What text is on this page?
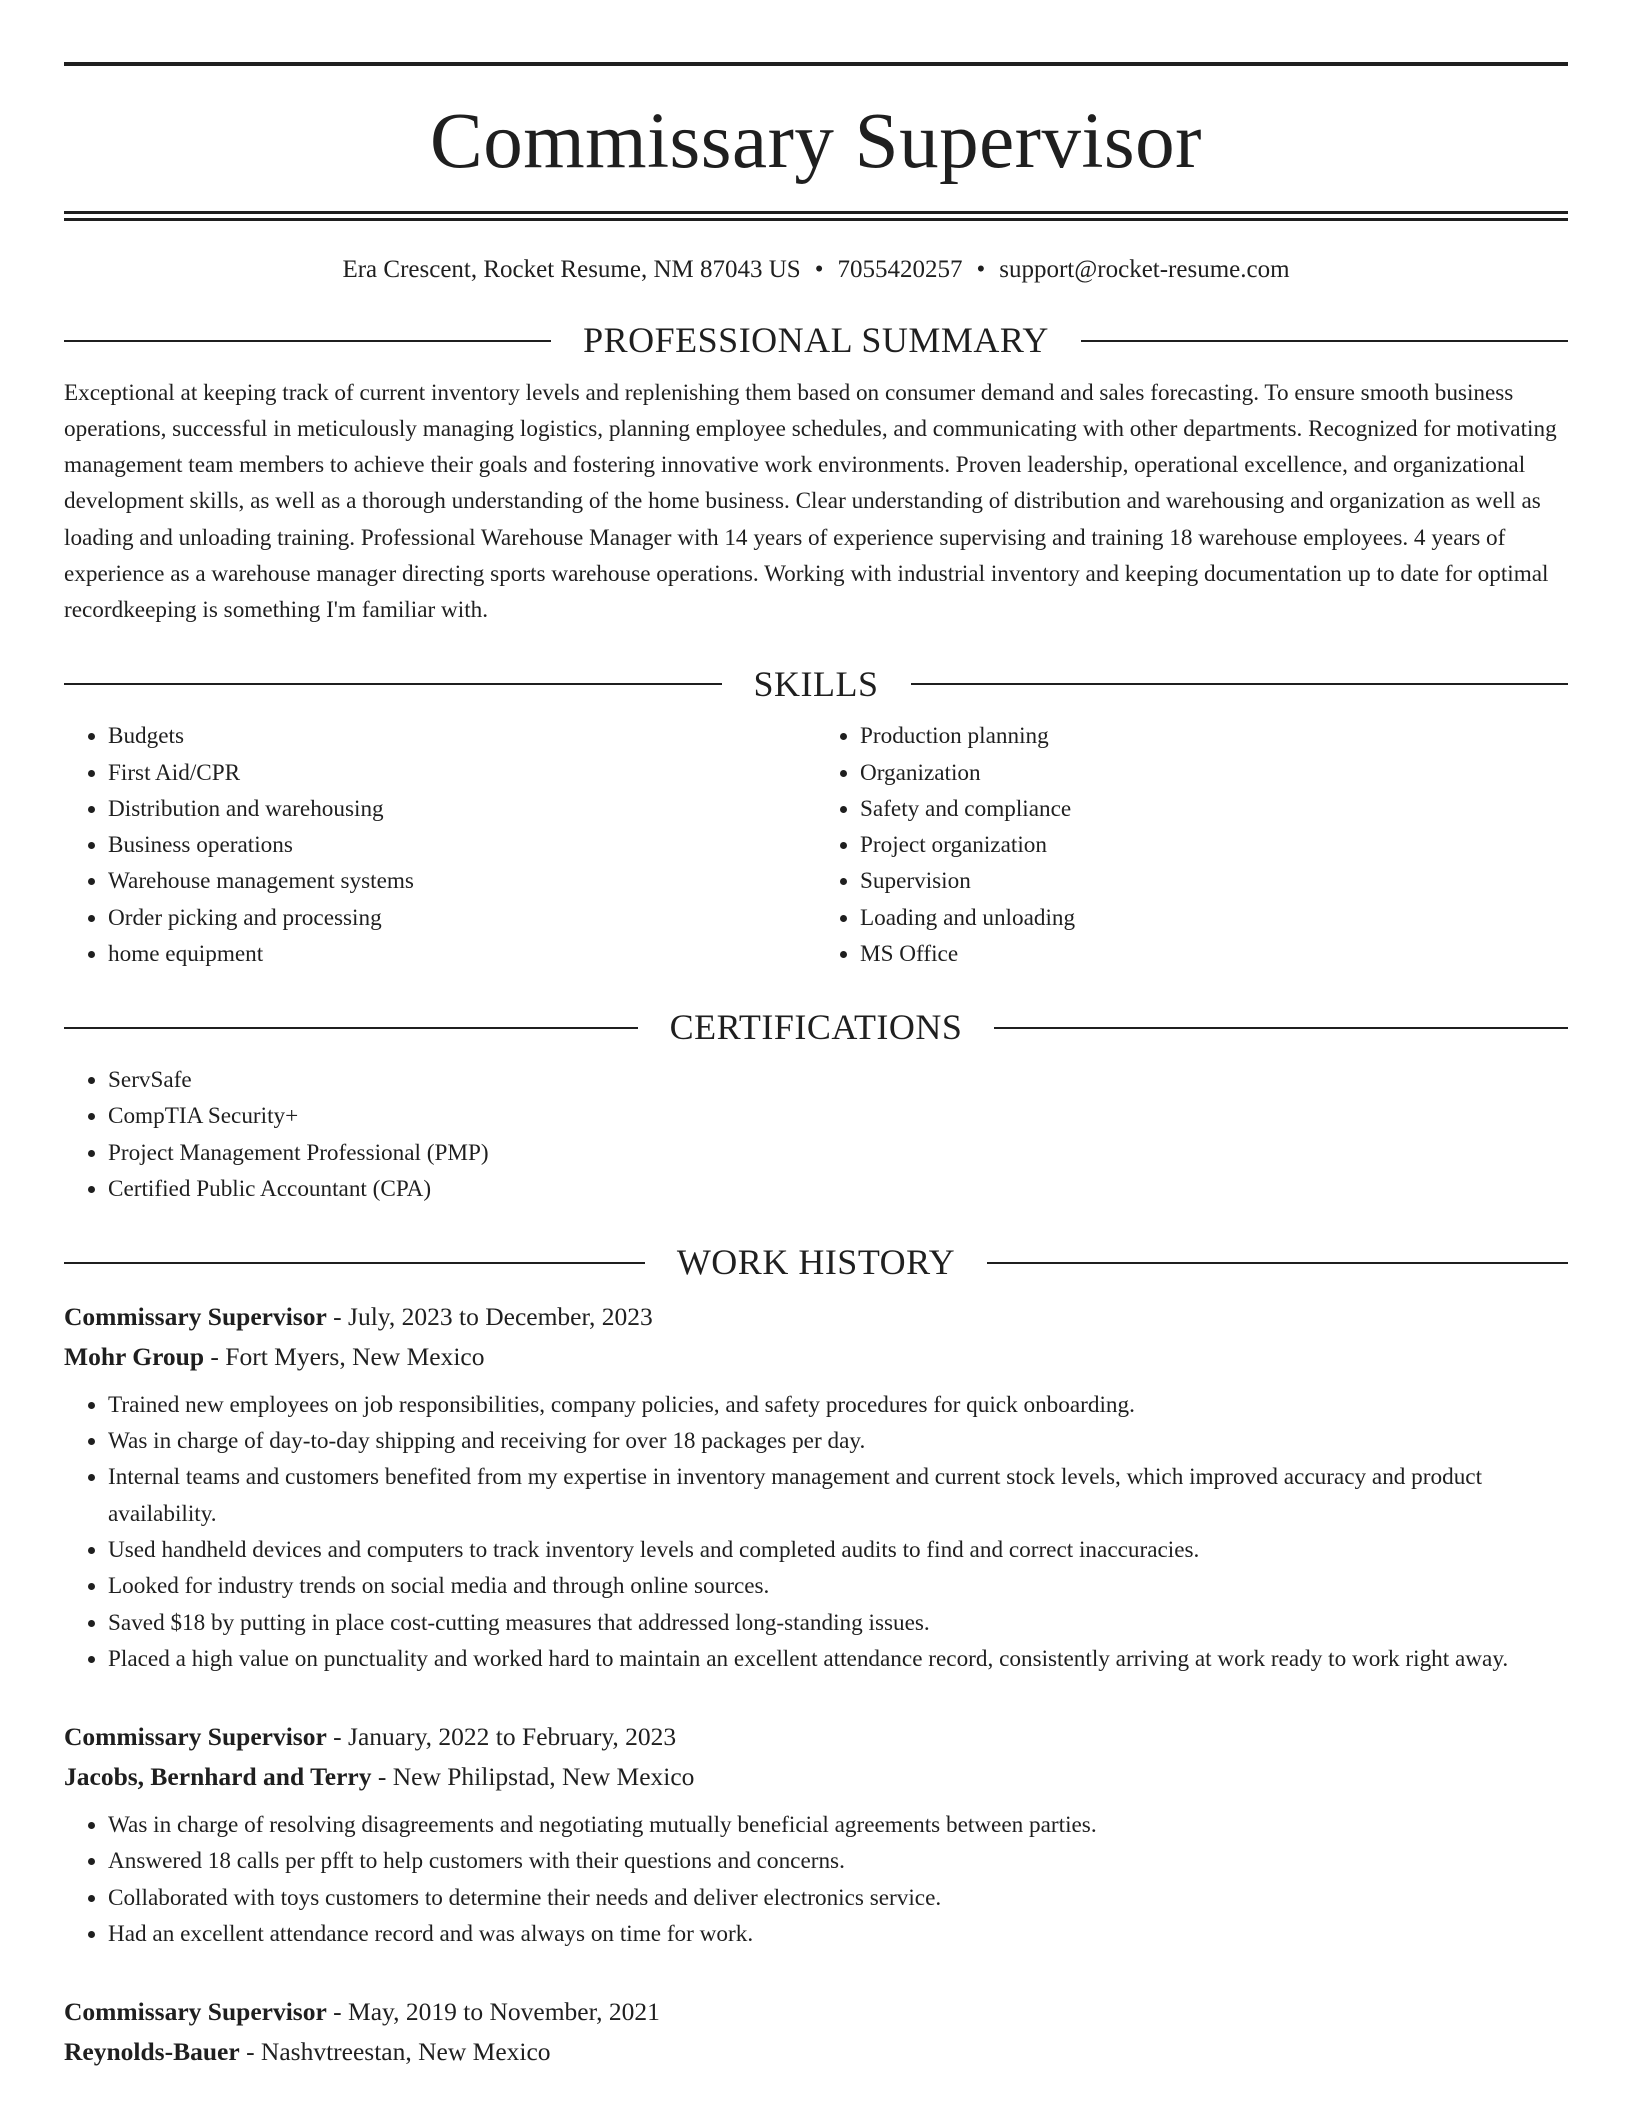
Commissary Supervisor
Era Crescent, Rocket Resume, NM 87043 US • 7055420257 • support@rocket-resume.com
PROFESSIONAL SUMMARY

Exceptional at keeping track of current inventory levels and replenishing them based on consumer demand and sales forecasting. To ensure smooth business operations, successful in meticulously managing logistics, planning employee schedules, and communicating with other departments. Recognized for motivating management team members to achieve their goals and fostering innovative work environments. Proven leadership, operational excellence, and organizational development skills, as well as a thorough understanding of the home business. Clear understanding of distribution and warehousing and organization as well as loading and unloading training. Professional Warehouse Manager with 14 years of experience supervising and training 18 warehouse employees. 4 years of experience as a warehouse manager directing sports warehouse operations. Working with industrial inventory and keeping documentation up to date for optimal recordkeeping is something I'm familiar with.

SKILLS
• Budgets
• First Aid/CPR
• Distribution and warehousing
• Business operations
• Warehouse management systems
• Order picking and processing
• home equipment
• Production planning
• Organization
• Safety and compliance
• Project organization
• Supervision
• Loading and unloading
• MS Office
CERTIFICATIONS
• ServSafe
• CompTIA Security+
• Project Management Professional (PMP)
• Certified Public Accountant (CPA)
WORK HISTORY
Commissary Supervisor - July, 2023 to December, 2023
Mohr Group - Fort Myers, New Mexico
• Trained new employees on job responsibilities, company policies, and safety procedures for quick onboarding.
• Was in charge of day-to-day shipping and receiving for over 18 packages per day.
• Internal teams and customers benefited from my expertise in inventory management and current stock levels, which improved accuracy and product availability.
• Used handheld devices and computers to track inventory levels and completed audits to find and correct inaccuracies.
• Looked for industry trends on social media and through online sources.
• Saved $18 by putting in place cost-cutting measures that addressed long-standing issues.
• Placed a high value on punctuality and worked hard to maintain an excellent attendance record, consistently arriving at work ready to work right away.
Commissary Supervisor - January, 2022 to February, 2023
Jacobs, Bernhard and Terry - New Philipstad, New Mexico
• Was in charge of resolving disagreements and negotiating mutually beneficial agreements between parties.
• Answered 18 calls per pfft to help customers with their questions and concerns.
• Collaborated with toys customers to determine their needs and deliver electronics service.
• Had an excellent attendance record and was always on time for work.
Commissary Supervisor - May, 2019 to November, 2021
Reynolds-Bauer - Nashvtreestan, New Mexico
